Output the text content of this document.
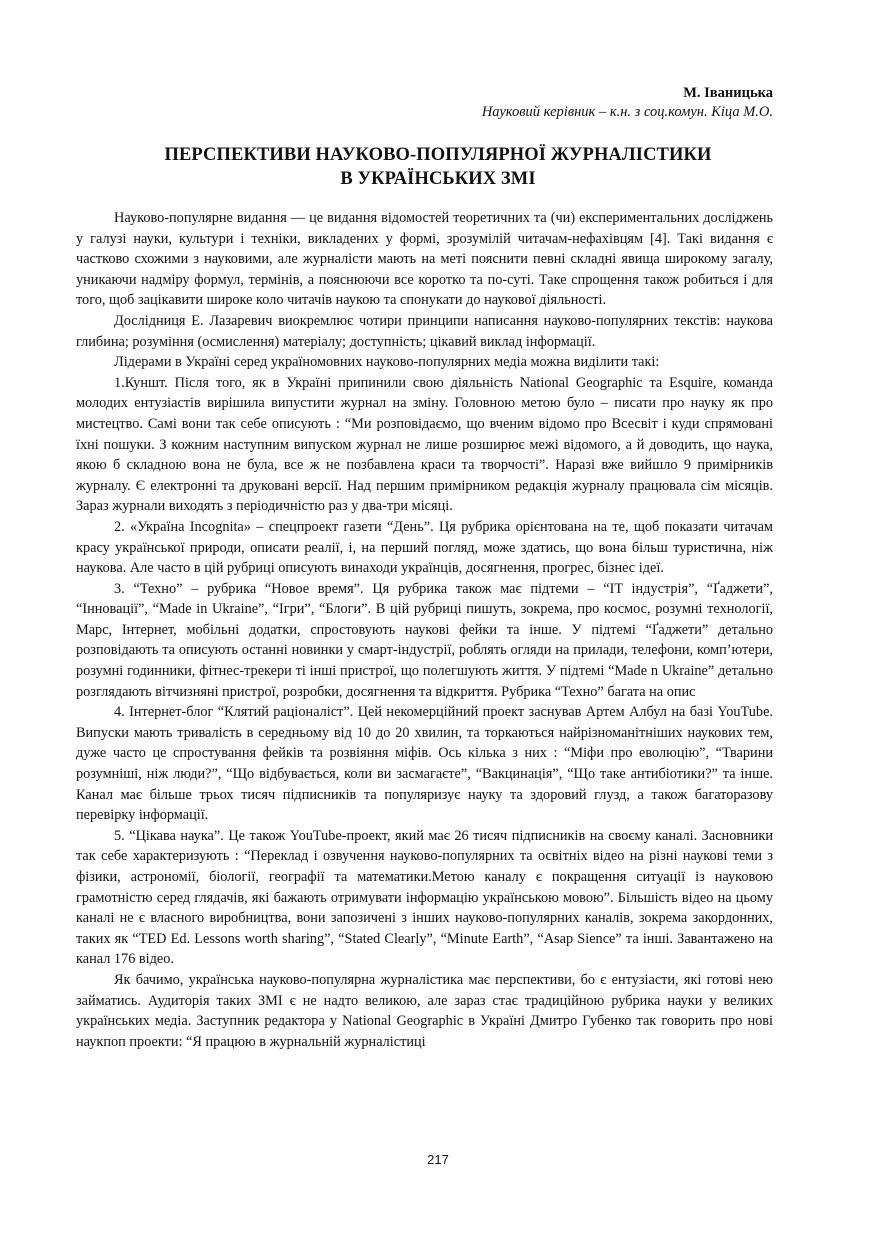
М. Іваницька
Науковий керівник – к.н. з соц.комун. Кіца М.О.
ПЕРСПЕКТИВИ НАУКОВО-ПОПУЛЯРНОЇ ЖУРНАЛІСТИКИ
В УКРАЇНСЬКИХ ЗМІ

Науково-популярне видання — це видання відомостей теоретичних та (чи) експериментальних досліджень у галузі науки, культури і техніки, викладених у формі, зрозумілій читачам-нефахівцям [4]. Такі видання є частково схожими з науковими, але журналісти мають на меті пояснити певні складні явища широкому загалу, уникаючи надміру формул, термінів, а пояснюючи все коротко та по-суті. Таке спрощення також робиться і для того, щоб зацікавити широке коло читачів наукою та спонукати до наукової діяльності.

Дослідниця Е. Лазаревич виокремлює чотири принципи написання науково-популярних текстів: наукова глибина; розуміння (осмислення) матеріалу; доступність; цікавий виклад інформації.

Лідерами в Україні серед україномовних науково-популярних медіа можна виділити такі:

1.Куншт. Після того, як в Україні припинили свою діяльність National Geographic та Esquire, команда молодих ентузіастів вирішила випустити журнал на зміну. Головною метою було – писати про науку як про мистецтво. Самі вони так себе описують : “Ми розповідаємо, що вченим відомо про Всесвіт і куди спрямовані їхні пошуки. З кожним наступним випуском журнал не лише розширює межі відомого, а й доводить, що наука, якою б складною вона не була, все ж не позбавлена краси та творчості”. Наразі вже вийшло 9 примірників журналу. Є електронні та друковані версії. Над першим примірником редакція журналу працювала сім місяців. Зараз журнали виходять з періодичністю раз у два-три місяці.

2. «Україна Incognita» – спецпроект газети “День”. Ця рубрика орієнтована на те, щоб показати читачам красу української природи, описати реалії, і, на перший погляд, може здатись, що вона більш туристична, ніж наукова. Але часто в цій рубриці описують винаходи українців, досягнення, прогрес, бізнес ідеї.

3. “Техно” – рубрика “Новое время”. Ця рубрика також має підтеми – “IT індустрія”, “Ґаджети”, “Інновації”, “Made in Ukraine”, “Ігри”, “Блоги”. В цій рубриці пишуть, зокрема, про космос, розумні технології, Марс, Інтернет, мобільні додатки, спростовують наукові фейки та інше. У підтемі “Ґаджети” детально розповідають та описують останні новинки у смарт-індустрії, роблять огляди на прилади, телефони, комп’ютери, розумні годинники, фітнес-трекери ті інші пристрої, що полегшують життя. У підтемі “Made n Ukraine” детально розглядають вітчизняні пристрої, розробки, досягнення та відкриття. Рубрика “Техно” багата на опис

4. Інтернет-блог “Клятий раціоналіст”. Цей некомерційний проект заснував Артем Албул на базі YouTube. Випуски мають тривалість в середньому від 10 до 20 хвилин, та торкаються найрізноманітніших наукових тем, дуже часто це спростування фейків та розвіяння міфів. Ось кілька з них : “Міфи про еволюцію”, “Тварини розумніші, ніж люди?”, “Що відбувається, коли ви засмагаєте”, “Вакцинація”, “Що таке антибіотики?” та інше. Канал має більше трьох тисяч підписників та популяризує науку та здоровий глузд, а також багаторазову перевірку інформації.

5. “Цікава наука”. Це також YouTube-проект, який має 26 тисяч підписників на своєму каналі. Засновники так себе характеризують : “Переклад і озвучення науково-популярних та освітніх відео на різні наукові теми з фізики, астрономії, біології, географії та математики.Метою каналу є покращення ситуації із науковою грамотністю серед глядачів, які бажають отримувати інформацію українською мовою”. Більшість відео на цьому каналі не є власного виробництва, вони запозичені з інших науково-популярних каналів, зокрема закордонних, таких як “TED Ed. Lessons worth sharing”, “Stated Clearly”, “Minute Earth”, “Asap Sience” та інші. Завантажено на канал 176 відео.

Як бачимо, українська науково-популярна журналістика має перспективи, бо є ентузіасти, які готові нею займатись. Аудиторія таких ЗМІ є не надто великою, але зараз стає традиційною рубрика науки у великих українських медіа. Заступник редактора у National Geographic в Україні Дмитро Губенко так говорить про нові наукпоп проекти: “Я працюю в журнальній журналістиці

217
